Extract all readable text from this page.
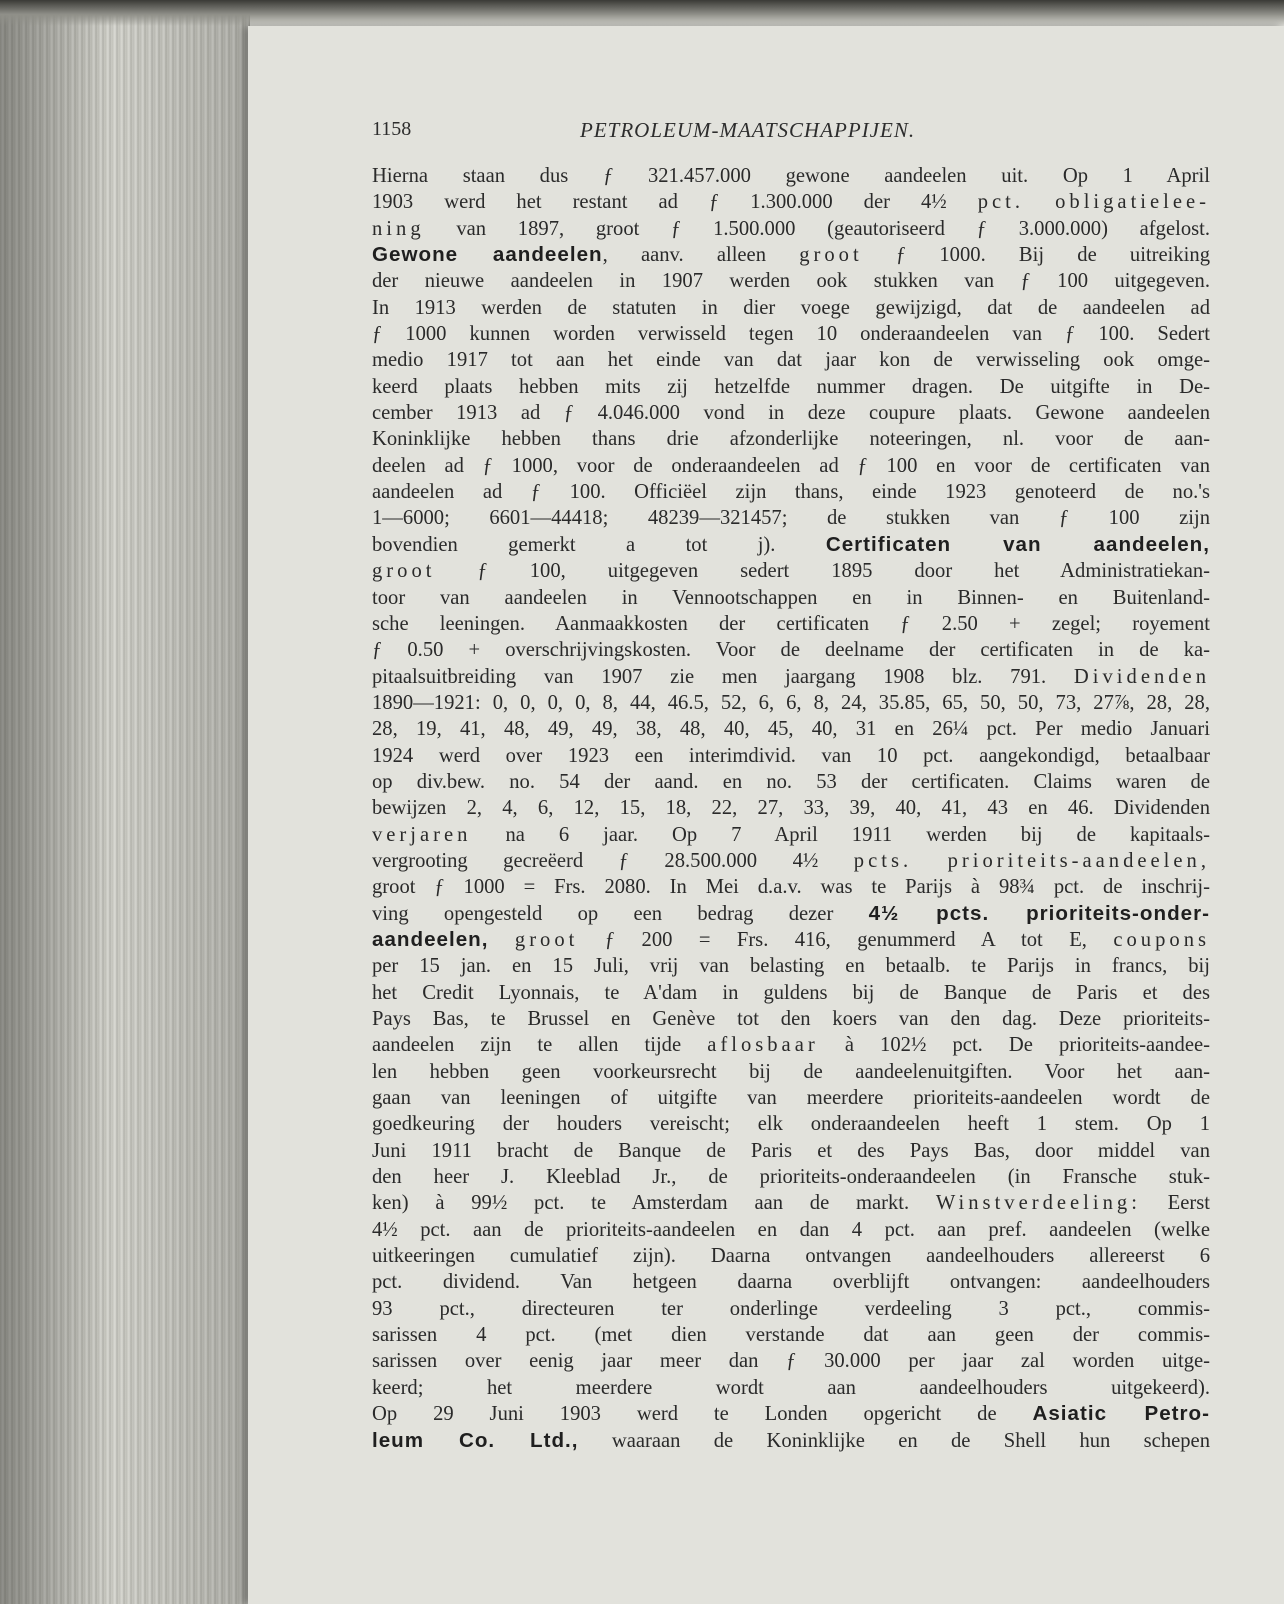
1158	PETROLEUM-MAATSCHAPPIJEN.
Hierna staan dus ƒ 321.457.000 gewone aandeelen uit. Op 1 April
1903 werd het restant ad ƒ 1.300.000 der 4½ pct. obligatielee-
ning van 1897, groot ƒ 1.500.000 (geautoriseerd ƒ 3.000.000) afgelost.
Gewone aandeelen, aanv. alleen groot ƒ 1000. Bij de uitreiking
der nieuwe aandeelen in 1907 werden ook stukken van ƒ 100 uitgegeven.
In 1913 werden de statuten in dier voege gewijzigd, dat de aandeelen ad
ƒ 1000 kunnen worden verwisseld tegen 10 onderaandeelen van ƒ 100. Sedert
medio 1917 tot aan het einde van dat jaar kon de verwisseling ook omge-
keerd plaats hebben mits zij hetzelfde nummer dragen. De uitgifte in De-
cember 1913 ad ƒ 4.046.000 vond in deze coupure plaats. Gewone aandeelen
Koninklijke hebben thans drie afzonderlijke noteeringen, nl. voor de aan-
deelen ad ƒ 1000, voor de onderaandeelen ad ƒ 100 en voor de certificaten van
aandeelen ad ƒ 100. Officiëel zijn thans, einde 1923 genoteerd de no.'s
1—6000; 6601—44418; 48239—321457; de stukken van ƒ 100 zijn
bovendien gemerkt a tot j). Certificaten van aandeelen,
groot ƒ 100, uitgegeven sedert 1895 door het Administratiekan-
toor van aandeelen in Vennootschappen en in Binnen- en Buitenland-
sche leeningen. Aanmaakkosten der certificaten ƒ 2.50 + zegel; royement
ƒ 0.50 + overschrijvingskosten. Voor de deelname der certificaten in de ka-
pitaalsuitbreiding van 1907 zie men jaargang 1908 blz. 791. Dividenden
1890—1921: 0, 0, 0, 0, 8, 44, 46.5, 52, 6, 6, 8, 24, 35.85, 65, 50, 50, 73, 27⅞, 28, 28,
28, 19, 41, 48, 49, 49, 38, 48, 40, 45, 40, 31 en 26¼ pct. Per medio Januari
1924 werd over 1923 een interimdivid. van 10 pct. aangekondigd, betaalbaar
op div.bew. no. 54 der aand. en no. 53 der certificaten. Claims waren de
bewijzen 2, 4, 6, 12, 15, 18, 22, 27, 33, 39, 40, 41, 43 en 46. Dividenden
verjaren na 6 jaar. Op 7 April 1911 werden bij de kapitaals-
vergrooting gecreëerd ƒ 28.500.000 4½ pcts. prioriteits-aandeelen,
groot ƒ 1000 = Frs. 2080. In Mei d.a.v. was te Parijs à 98¾ pct. de inschrij-
ving opengesteld op een bedrag dezer 4½ pcts. prioriteits-onder-
aandeelen, groot ƒ 200 = Frs. 416, genummerd A tot E, coupons
per 15 jan. en 15 Juli, vrij van belasting en betaalb. te Parijs in francs, bij
het Credit Lyonnais, te A'dam in guldens bij de Banque de Paris et des
Pays Bas, te Brussel en Genève tot den koers van den dag. Deze prioriteits-
aandeelen zijn te allen tijde aflosbaar à 102½ pct. De prioriteits-aandee-
len hebben geen voorkeursrecht bij de aandeelenuitgiften. Voor het aan-
gaan van leeningen of uitgifte van meerdere prioriteits-aandeelen wordt de
goedkeuring der houders vereischt; elk onderaandeelen heeft 1 stem. Op 1
Juni 1911 bracht de Banque de Paris et des Pays Bas, door middel van
den heer J. Kleeblad Jr., de prioriteits-onderaandeelen (in Fransche stuk-
ken) à 99½ pct. te Amsterdam aan de markt. Winstverdeeling: Eerst
4½ pct. aan de prioriteits-aandeelen en dan 4 pct. aan pref. aandeelen (welke
uitkeeringen cumulatief zijn). Daarna ontvangen aandeelhouders allereerst 6
pct. dividend. Van hetgeen daarna overblijft ontvangen: aandeelhouders
93 pct., directeuren ter onderlinge verdeeling 3 pct., commis-
sarissen 4 pct. (met dien verstande dat aan geen der commis-
sarissen over eenig jaar meer dan ƒ 30.000 per jaar zal worden uitge-
keerd; het meerdere wordt aan aandeelhouders uitgekeerd).
Op 29 Juni 1903 werd te Londen opgericht de Asiatic Petro-
leum Co. Ltd., waaraan de Koninklijke en de Shell hun schepen
